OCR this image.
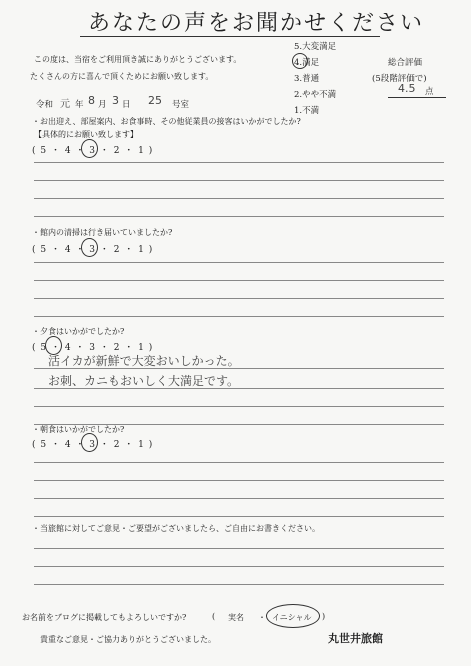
あなたの声をお聞かせください
この度は、当宿をご利用頂き誠にありがとうございます。
たくさんの方に喜んで頂くためにお願い致します。
5.大変満足
4.満足
3.普通
2.やや不満
1.不満
総合評価
(5段階評価で)
4.5 点
令和 元 年 8 月 3 日 25 号室
・お出迎え、部屋案内、お食事時、その他従業員の接客はいかがでしたか?
【具体的にお願い致します】
( 5 ・ 4 ・ 3 ・ 2 ・ 1 )
・館内の清掃は行き届いていましたか?
( 5 ・ 4 ・ 3 ・ 2 ・ 1 )
・夕食はいかがでしたか?
( 5 ・ 4 ・ 3 ・ 2 ・ 1 )
活イカが新鮮で大変おいしかった。
お刺、カニもおいしく大満足です。
・朝食はいかがでしたか?
( 5 ・ 4 ・ 3 ・ 2 ・ 1 )
・当旅館に対してご意見・ご要望がございましたら、ご自由にお書きください。
お名前をブログに掲載してもよろしいですか?	( 実名 ・ イニシャル )
貴重なご意見・ご協力ありがとうございました。	丸世井旅館
